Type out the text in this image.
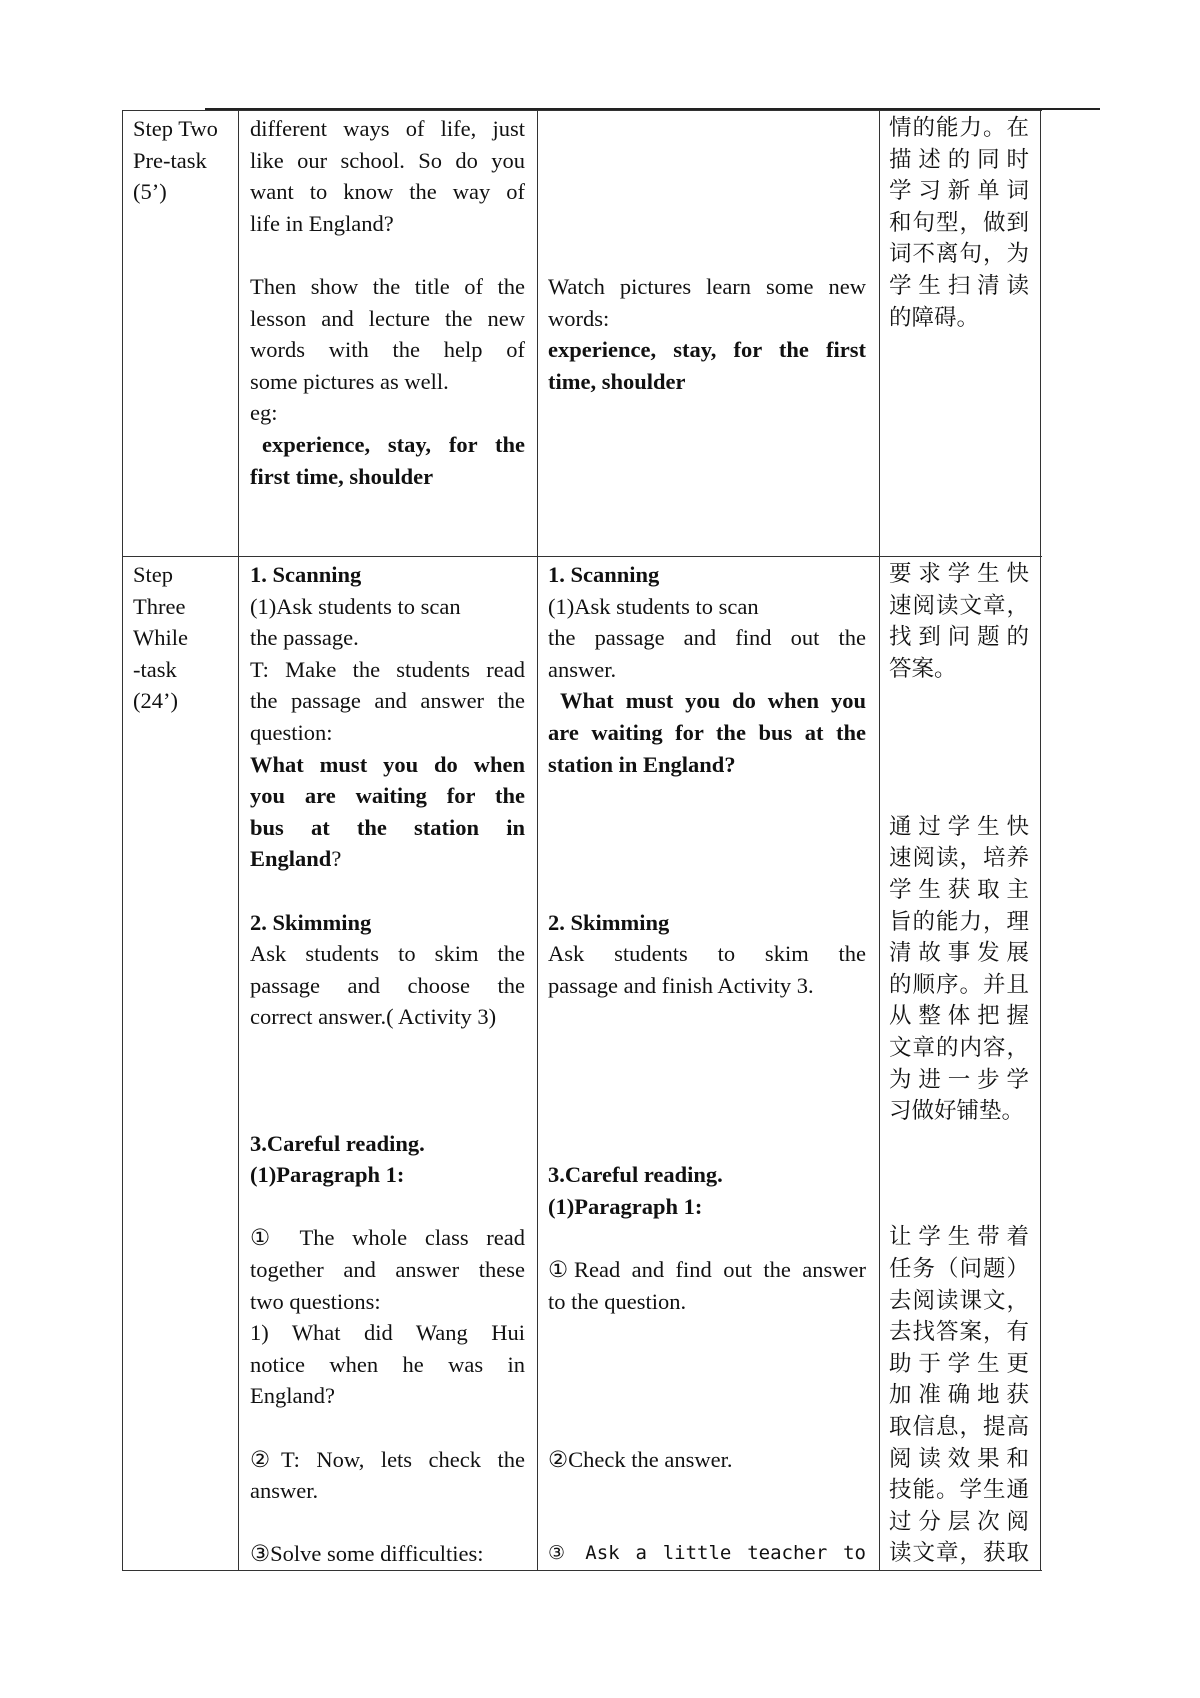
Step Two
Pre-task
(5’)
different ways of life, just
like our school. So do you
want to know the way of
life in England?
Then show the title of the
lesson and lecture the new
words with the help of
some pictures as well.
eg:
experience, stay, for the
first time, shoulder
Watch pictures learn some new
words:
experience, stay, for the first
time, shoulder
情的能力。在
描述的同时
学习新单词
和句型，做到
词不离句，为
学生扫清读
的障碍。
Step
Three
While
-task
(24’)
1. Scanning
(1)Ask students to scan
the passage.
T: Make the students read
the passage and answer the
question:
What must you do when
you are waiting for the
bus at the station in
England?
2. Skimming
Ask students to skim the
passage and choose the
correct answer.( Activity 3)
3.Careful reading.
(1)Paragraph 1:
① The whole class read
together and answer these
two questions:
1) What did Wang Hui
notice when he was in
England?
②T: Now, lets check the
answer.
③Solve some difficulties:
1. Scanning
(1)Ask students to scan
the passage and find out the
answer.
What must you do when you
are waiting for the bus at the
station in England?
2. Skimming
Ask students to skim the
passage and finish Activity 3.
3.Careful reading.
(1)Paragraph 1:
①Read and find out the answer
to the question.
②Check the answer.
③ Ask a little teacher to
要求学生快
速阅读文章，
找到问题的
答案。
通过学生快
速阅读，培养
学生获取主
旨的能力，理
清故事发展
的顺序。并且
从整体把握
文章的内容，
为进一步学
习做好铺垫。
让学生带着
任务（问题）
去阅读课文，
去找答案，有
助于学生更
加准确地获
取信息，提高
阅读效果和
技能。学生通
过分层次阅
读文章，获取
